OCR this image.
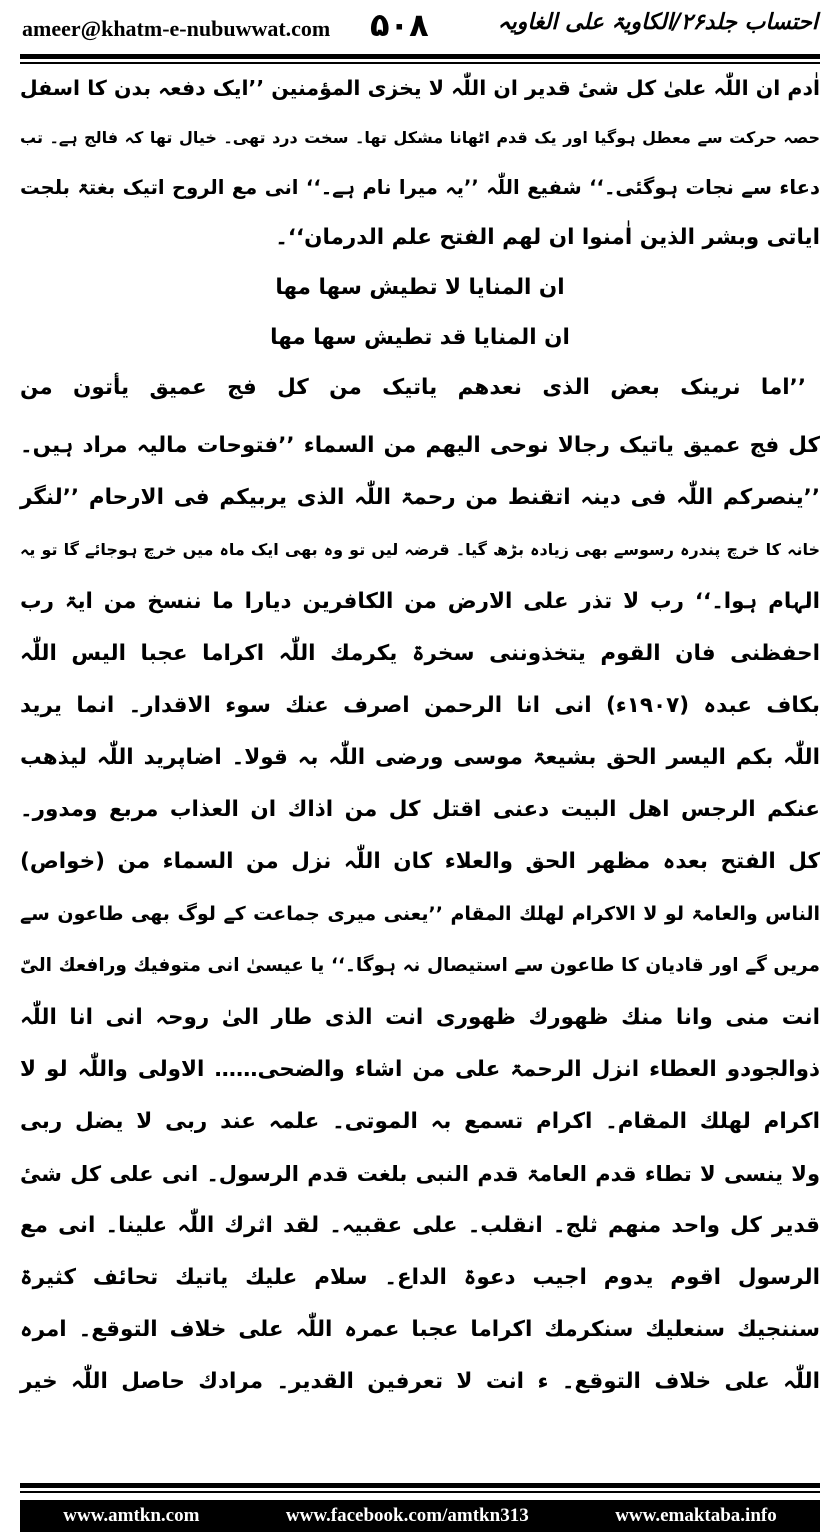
ameer@khatm-e-nubuwwat.com ۵۰۸	احتساب جلد۲۶/الکاویۃ علی الغاویہ
اٰدم ان اللّٰہ علیٰ کل شیٔ قدیر ان اللّٰہ لا یخزی المؤمنین ’’ایک دفعہ بدن کا اسفل
حصہ حرکت سے معطل ہوگیا اور یک قدم اٹھانا مشکل تھا۔ سخت درد تھی۔ خیال تھا کہ فالج ہے۔ تب
دعاء سے نجات ہوگئی۔‘‘ شفیع اللّٰہ ’’یہ میرا نام ہے۔‘‘ انی مع الروح اتیک بغتۃ بلجت
ایاتی وبشر الذین اٰمنوا ان لھم الفتح علم الدرمان‘‘۔
ان المنایا لا تطیش سھا مھا
ان المنایا قد تطیش سھا مھا
’’اما نرینک بعض الذی نعدھم یاتیک من کل فج عمیق یأتون من
کل فج عمیق یاتیک رجالا نوحی الیھم من السماء ’’فتوحات مالیہ مراد ہیں۔
’’ینصرکم اللّٰہ فی دینہ اتقنط من رحمۃ اللّٰہ الذی یربیکم فی الارحام ’’لنگر
خانہ کا خرچ پندرہ رسوسے بھی زیادہ بڑھ گیا۔ قرضہ لیں تو وہ بھی ایک ماہ میں خرچ ہوجائے گا تو یہ
الہام ہوا۔‘‘ رب لا تذر علی الارض من الکافرین دیارا ما ننسخ من ایۃ رب
احفظنی فان القوم یتخذوننی سخرۃ یکرمك اللّٰہ اکراما عجبا الیس اللّٰہ
بکاف عبدہ (۱۹۰۷ء) انی انا الرحمن اصرف عنك سوء الاقدار۔ انما یرید
اللّٰہ بکم الیسر الحق بشیعۃ موسی ورضی اللّٰہ بہ قولا۔ اضاپرید اللّٰہ لیذھب
عنکم الرجس اھل البیت دعنی اقتل کل من اذاك ان العذاب مربع ومدور۔
کل الفتح بعدہ مظھر الحق والعلاء کان اللّٰہ نزل من السماء من (خواص)
الناس والعامۃ لو لا الاکرام لھلك المقام ’’یعنی میری جماعت کے لوگ بھی طاعون سے
مریں گے اور قادیان کا طاعون سے استیصال نہ ہوگا۔‘‘ یا عیسیٰ انی متوفیك ورافعك الیّ
انت منی وانا منك ظھورك ظھوری انت الذی طار الیٰ روحہ انی انا اللّٰہ
ذوالجودو العطاء انزل الرحمۃ علی من اشاء والضحی…… الاولی واللّٰہ لو لا
اکرام لھلك المقام۔ اکرام تسمع بہ الموتی۔ علمہ عند ربی لا یضل ربی
ولا ینسی لا تطاء قدم العامۃ قدم النبی بلغت قدم الرسول۔ انی علی کل شیٔ
قدیر کل واحد منھم ثلج۔ انقلب۔ علی عقبیہ۔ لقد اثرك اللّٰہ علینا۔ انی مع
الرسول اقوم یدوم اجیب دعوۃ الداع۔ سلام علیك یاتیك تحائف کثیرۃ
سننجیك سنعلیك سنکرمك اکراما عجبا عمرہ اللّٰہ علی خلاف التوقع۔ امرہ
اللّٰہ علی خلاف التوقع۔ ء انت لا تعرفین القدیر۔ مرادك حاصل اللّٰہ خیر
www.amtkn.com	www.facebook.com/amtkn313	www.emaktaba.info
